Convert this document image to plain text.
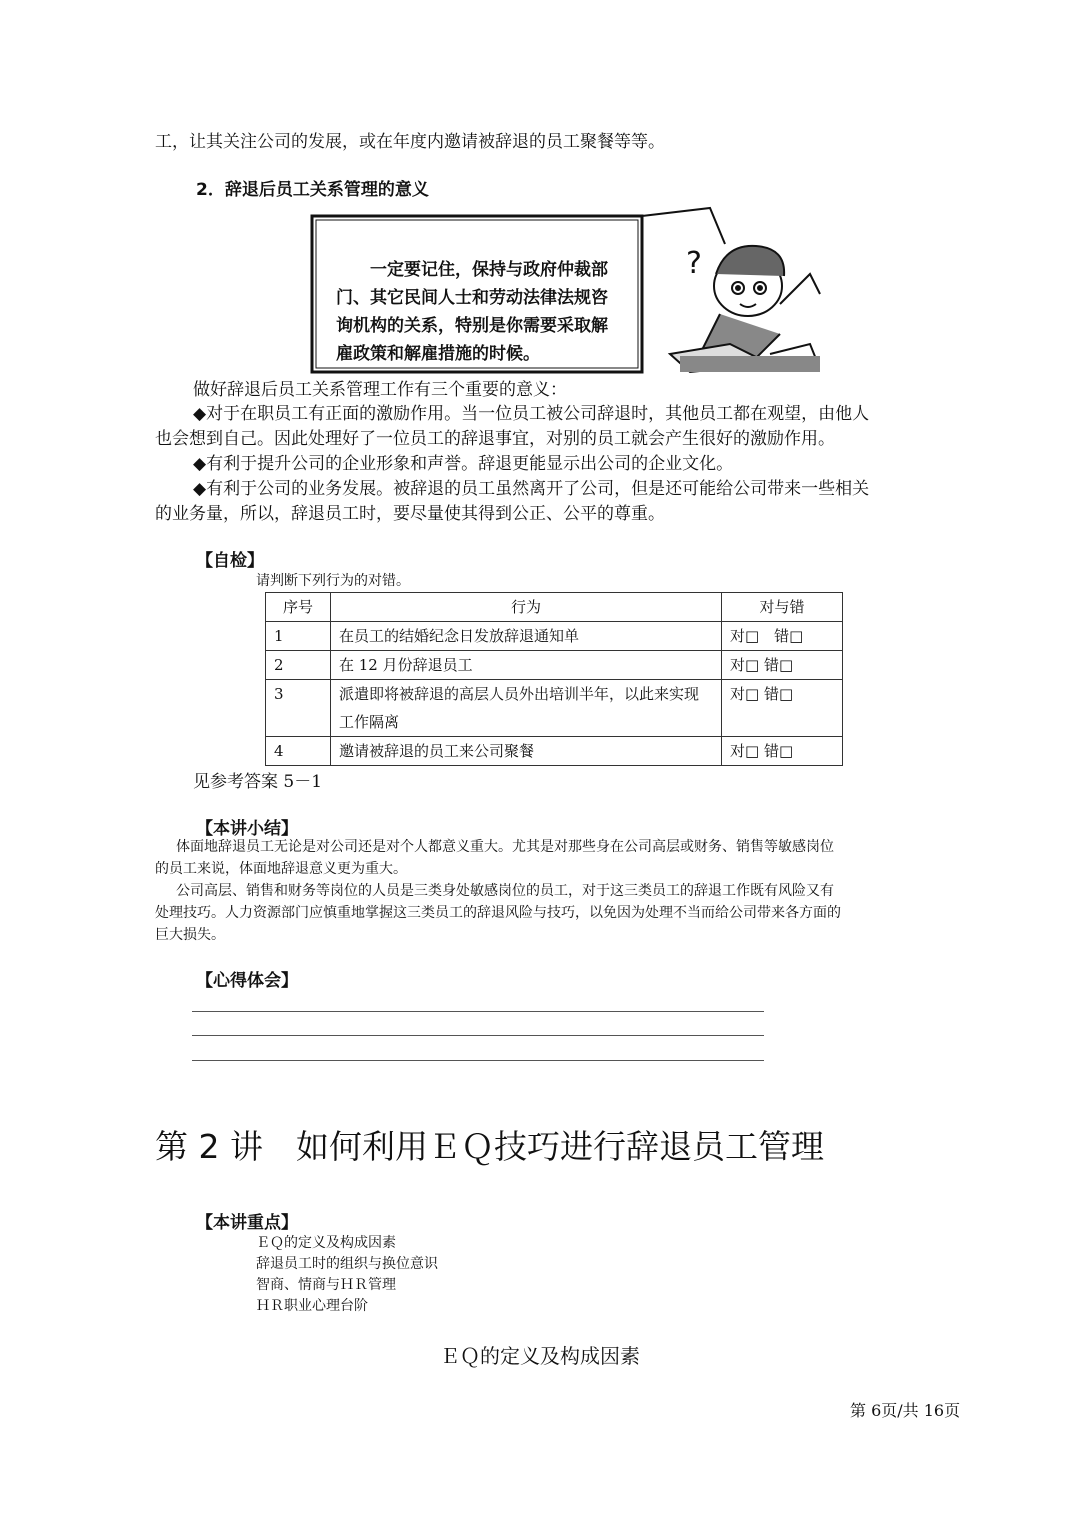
工，让其关注公司的发展，或在年度内邀请被辞退的员工聚餐等等。
2．辞退后员工关系管理的意义
?
一定要记住，保持与政府仲裁部
门、其它民间人士和劳动法律法规咨
询机构的关系，特别是你需要采取解
雇政策和解雇措施的时候。
做好辞退后员工关系管理工作有三个重要的意义：
◆对于在职员工有正面的激励作用。当一位员工被公司辞退时，其他员工都在观望，由他人
也会想到自己。因此处理好了一位员工的辞退事宜，对别的员工就会产生很好的激励作用。
◆有利于提升公司的企业形象和声誉。辞退更能显示出公司的企业文化。
◆有利于公司的业务发展。被辞退的员工虽然离开了公司，但是还可能给公司带来一些相关
的业务量，所以，辞退员工时，要尽量使其得到公正、公平的尊重。
【自检】
请判断下列行为的对错。
序号	行为	对与错
1	在员工的结婚纪念日发放辞退通知单	对□　错□
2	在 12 月份辞退员工	对□ 错□
3	派遣即将被辞退的高层人员外出培训半年，以此来实现工作隔离	对□ 错□
4	邀请被辞退的员工来公司聚餐	对□ 错□
见参考答案 5－1
【本讲小结】
体面地辞退员工无论是对公司还是对个人都意义重大。尤其是对那些身在公司高层或财务、销售等敏感岗位
的员工来说，体面地辞退意义更为重大。
公司高层、销售和财务等岗位的人员是三类身处敏感岗位的员工，对于这三类员工的辞退工作既有风险又有
处理技巧。人力资源部门应慎重地掌握这三类员工的辞退风险与技巧，以免因为处理不当而给公司带来各方面的
巨大损失。
【心得体会】
第 2 讲　如何利用ＥＱ技巧进行辞退员工管理
【本讲重点】
ＥＱ的定义及构成因素
辞退员工时的组织与换位意识
智商、情商与ＨＲ管理
ＨＲ职业心理台阶
ＥＱ的定义及构成因素
第 6页/共 16页
